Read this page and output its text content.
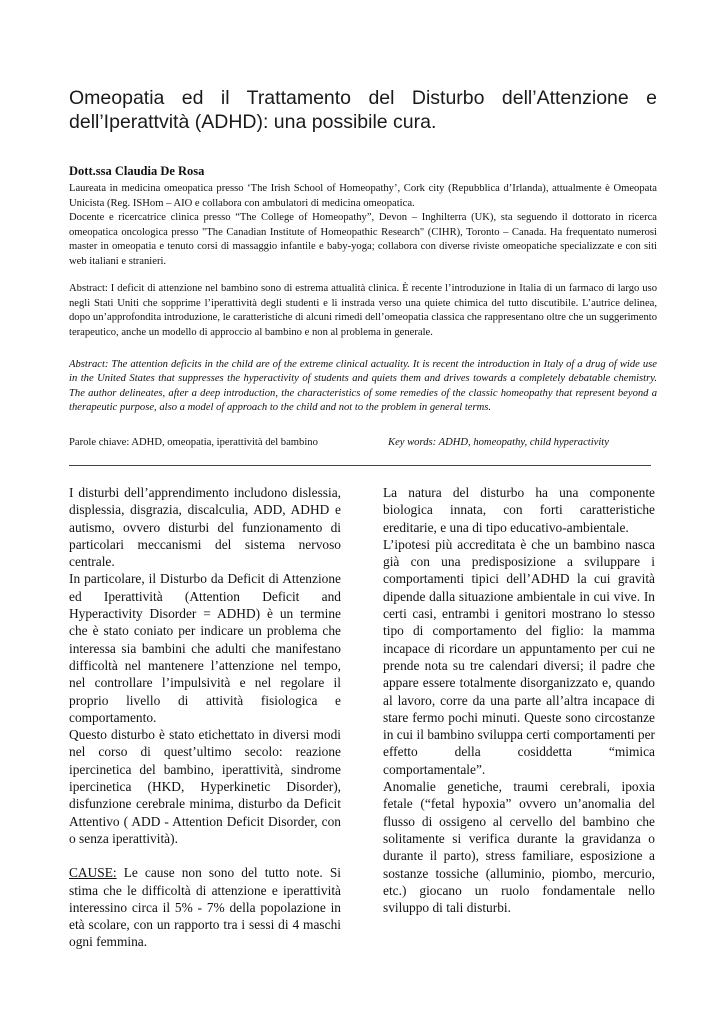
Omeopatia ed il Trattamento del Disturbo dell’Attenzione e
dell’Iperattvità (ADHD): una possibile cura.

Dott.ssa Claudia De Rosa

Laureata in medicina omeopatica presso ‘The Irish School of Homeopathy’, Cork city (Repubblica d’Irlanda), attualmente è Omeopata Unicista (Reg. ISHom – AIO e collabora con ambulatori di medicina omeopatica.

Docente e ricercatrice clinica presso “The College of Homeopathy”, Devon – Inghilterra (UK), sta seguendo il dottorato in ricerca omeopatica oncologica presso "The Canadian Institute of Homeopathic Research" (CIHR), Toronto – Canada. Ha frequentato numerosi master in omeopatia e tenuto corsi di massaggio infantile e baby-yoga; collabora con diverse riviste omeopatiche specializzate e con siti web italiani e stranieri.

Abstract: I deficit di attenzione nel bambino sono di estrema attualità clinica. È recente l’introduzione in Italia di un farmaco di largo uso negli Stati Uniti che sopprime l’iperattività degli studenti e li instrada verso una quiete chimica del tutto discutibile. L’autrice delinea, dopo un’approfondita introduzione, le caratteristiche di alcuni rimedi dell’omeopatia classica che rappresentano oltre che un suggerimento terapeutico, anche un modello di approccio al bambino e non al problema in generale.

Abstract: The attention deficits in the child are of the extreme clinical actuality. It is recent the introduction in Italy of a drug of wide use in the United States that suppresses the hyperactivity of students and quiets them and drives towards a completely debatable chemistry. The author delineates, after a deep introduction, the characteristics of some remedies of the classic homeopathy that represent beyond a therapeutic purpose, also a model of approach to the child and not to the problem in general terms.

Parole chiave: ADHD, omeopatia, iperattività del bambino	Key words: ADHD, homeopathy, child hyperactivity

I disturbi dell’apprendimento includono dislessia, displessia, disgrazia, discalculia, ADD, ADHD e autismo, ovvero disturbi del funzionamento di particolari meccanismi del sistema nervoso centrale.

In particolare, il Disturbo da Deficit di Attenzione ed Iperattività (Attention Deficit and Hyperactivity Disorder = ADHD) è un termine che è stato coniato per indicare un problema che interessa sia bambini che adulti che manifestano difficoltà nel mantenere l’attenzione nel tempo, nel controllare l’impulsività e nel regolare il proprio livello di attività fisiologica e comportamento.

Questo disturbo è stato etichettato in diversi modi nel corso di quest’ultimo secolo: reazione ipercinetica del bambino, iperattività, sindrome ipercinetica (HKD, Hyperkinetic Disorder), disfunzione cerebrale minima, disturbo da Deficit Attentivo ( ADD - Attention Deficit Disorder, con o senza iperattività).

CAUSE: Le cause non sono del tutto note. Si stima che le difficoltà di attenzione e iperattività interessino circa il 5% - 7% della popolazione in età scolare, con un rapporto tra i sessi di 4 maschi ogni femmina.

La natura del disturbo ha una componente biologica innata, con forti caratteristiche ereditarie, e una di tipo educativo-ambientale.

L’ipotesi più accreditata è che un bambino nasca già con una predisposizione a sviluppare i comportamenti tipici dell’ADHD la cui gravità dipende dalla situazione ambientale in cui vive. In certi casi, entrambi i genitori mostrano lo stesso tipo di comportamento del figlio: la mamma incapace di ricordare un appuntamento per cui ne prende nota su tre calendari diversi; il padre che appare essere totalmente disorganizzato e, quando al lavoro, corre da una parte all’altra incapace di stare fermo pochi minuti. Queste sono circostanze in cui il bambino sviluppa certi comportamenti per effetto della cosiddetta “mimica comportamentale”.

Anomalie genetiche, traumi cerebrali, ipoxia fetale (“fetal hypoxia” ovvero un’anomalia del flusso di ossigeno al cervello del bambino che solitamente si verifica durante la gravidanza o durante il parto), stress familiare, esposizione a sostanze tossiche (alluminio, piombo, mercurio, etc.) giocano un ruolo fondamentale nello sviluppo di tali disturbi.
